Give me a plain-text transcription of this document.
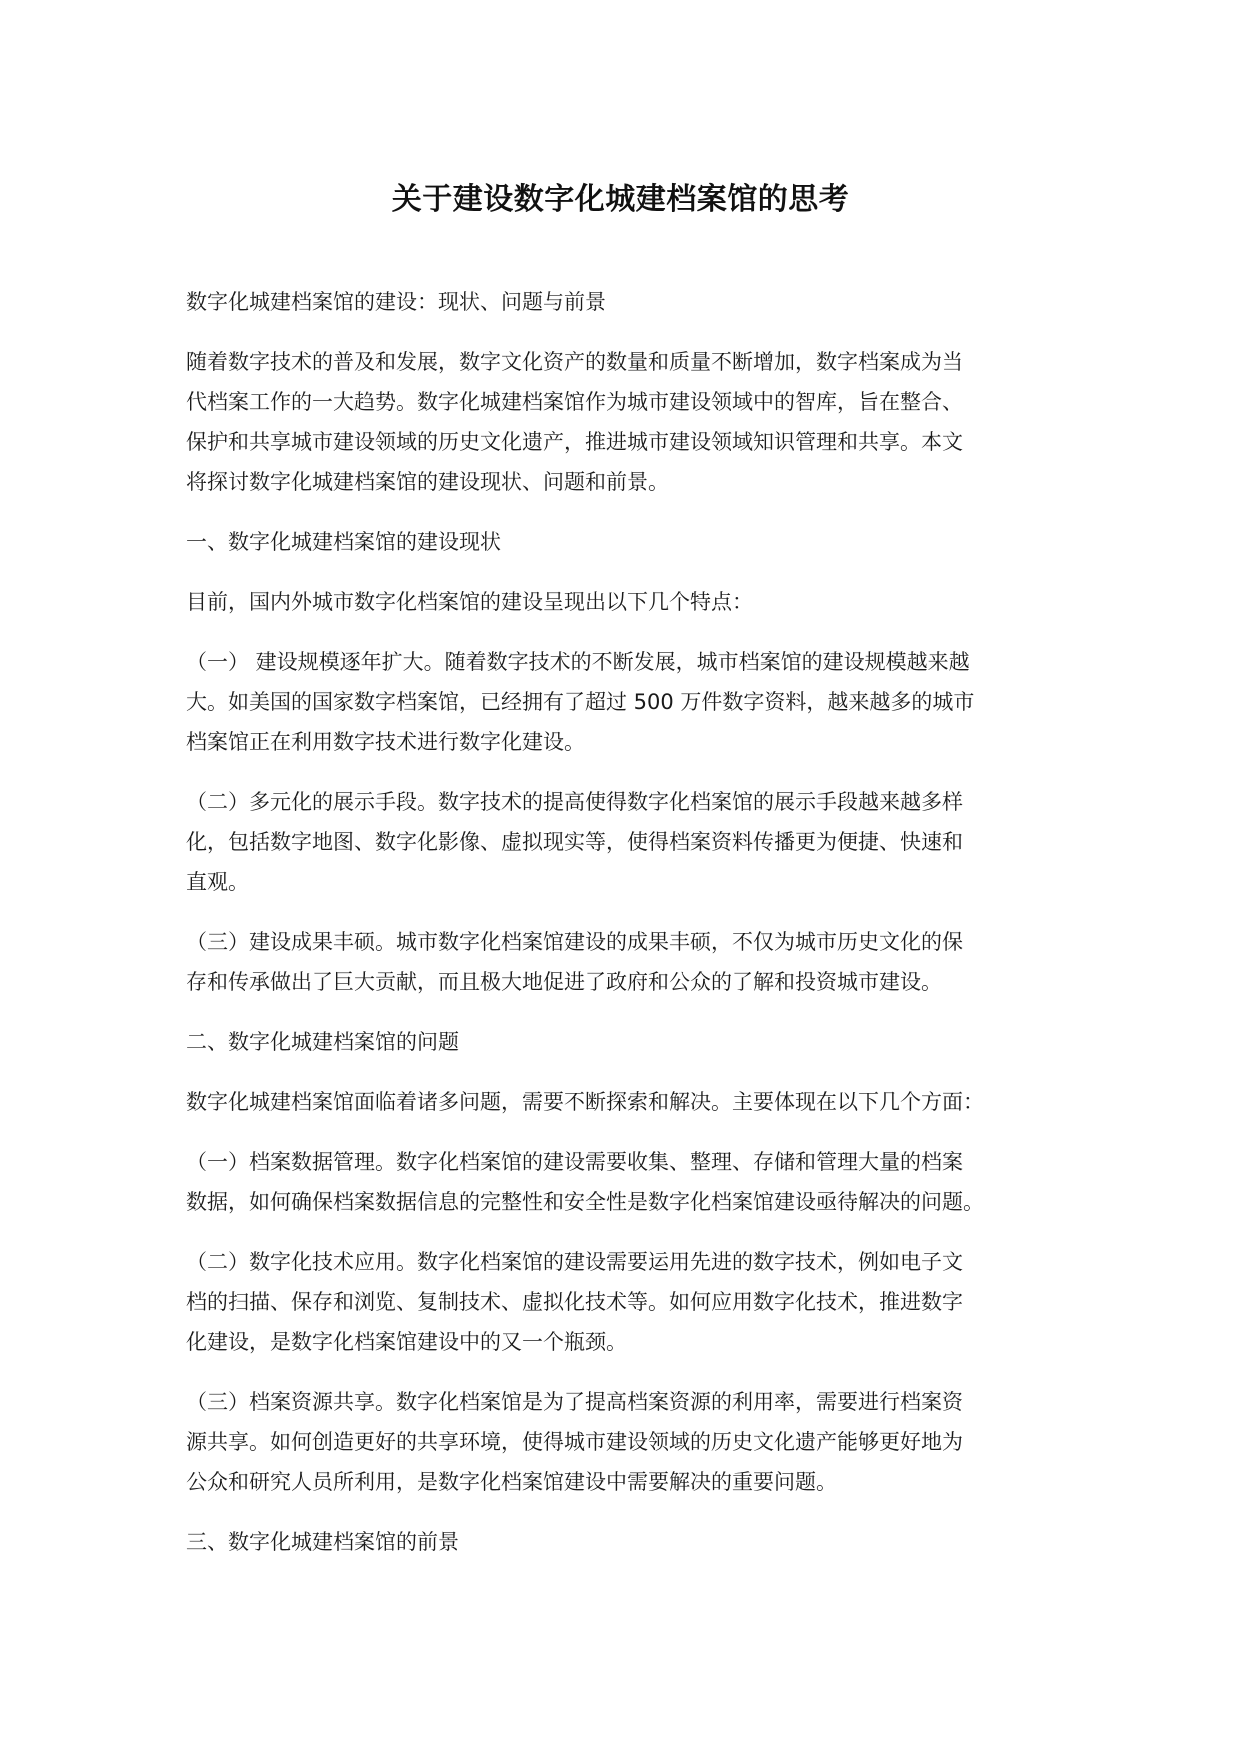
关于建设数字化城建档案馆的思考

数字化城建档案馆的建设：现状、问题与前景

随着数字技术的普及和发展，数字文化资产的数量和质量不断增加，数字档案成为当
代档案工作的一大趋势。数字化城建档案馆作为城市建设领域中的智库，旨在整合、
保护和共享城市建设领域的历史文化遗产，推进城市建设领域知识管理和共享。本文
将探讨数字化城建档案馆的建设现状、问题和前景。

一、数字化城建档案馆的建设现状

目前，国内外城市数字化档案馆的建设呈现出以下几个特点：

（一） 建设规模逐年扩大。随着数字技术的不断发展，城市档案馆的建设规模越来越
大。如美国的国家数字档案馆，已经拥有了超过 500 万件数字资料，越来越多的城市
档案馆正在利用数字技术进行数字化建设。

（二）多元化的展示手段。数字技术的提高使得数字化档案馆的展示手段越来越多样
化，包括数字地图、数字化影像、虚拟现实等，使得档案资料传播更为便捷、快速和
直观。

（三）建设成果丰硕。城市数字化档案馆建设的成果丰硕，不仅为城市历史文化的保
存和传承做出了巨大贡献，而且极大地促进了政府和公众的了解和投资城市建设。

二、数字化城建档案馆的问题

数字化城建档案馆面临着诸多问题，需要不断探索和解决。主要体现在以下几个方面：

（一）档案数据管理。数字化档案馆的建设需要收集、整理、存储和管理大量的档案
数据，如何确保档案数据信息的完整性和安全性是数字化档案馆建设亟待解决的问题。

（二）数字化技术应用。数字化档案馆的建设需要运用先进的数字技术，例如电子文
档的扫描、保存和浏览、复制技术、虚拟化技术等。如何应用数字化技术，推进数字
化建设，是数字化档案馆建设中的又一个瓶颈。

（三）档案资源共享。数字化档案馆是为了提高档案资源的利用率，需要进行档案资
源共享。如何创造更好的共享环境，使得城市建设领域的历史文化遗产能够更好地为
公众和研究人员所利用，是数字化档案馆建设中需要解决的重要问题。

三、数字化城建档案馆的前景
